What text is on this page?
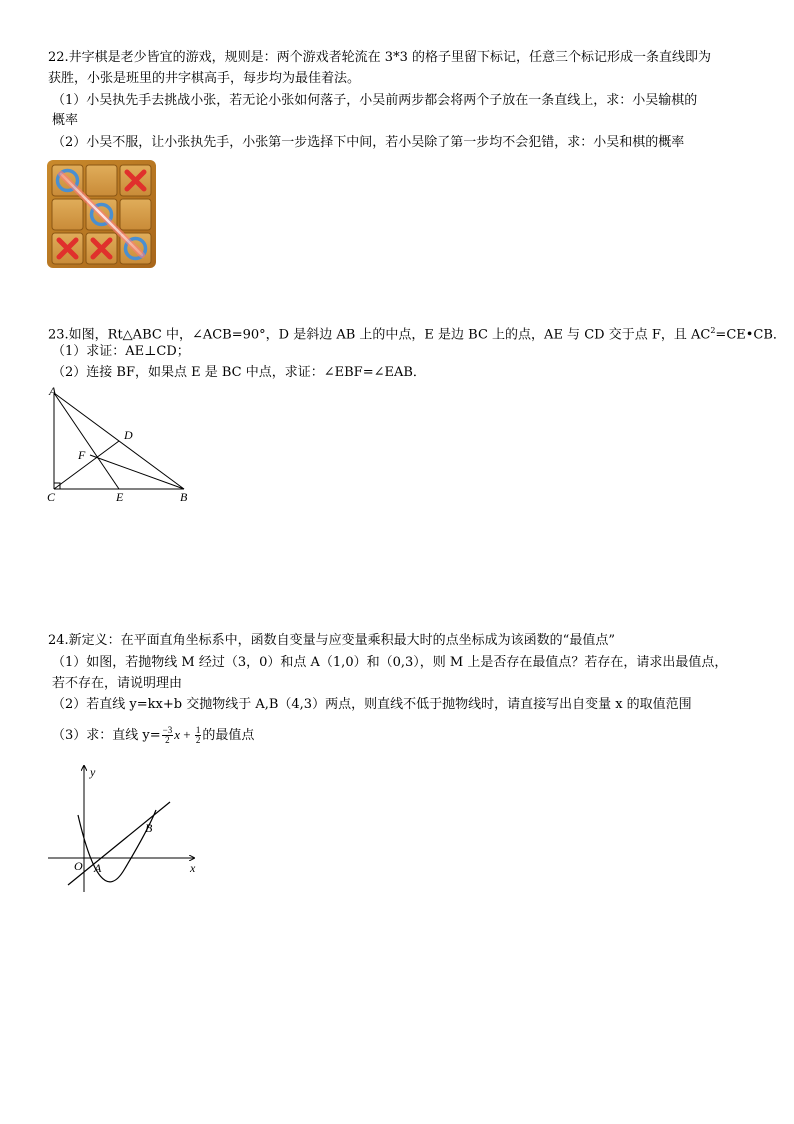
22.井字棋是老少皆宜的游戏，规则是：两个游戏者轮流在 3*3 的格子里留下标记，任意三个标记形成一条直线即为
获胜，小张是班里的井字棋高手，每步均为最佳着法。
（1）小吴执先手去挑战小张，若无论小张如何落子，小吴前两步都会将两个子放在一条直线上，求：小吴输棋的
概率
（2）小吴不服，让小张执先手，小张第一步选择下中间，若小吴除了第一步均不会犯错，求：小吴和棋的概率
23.如图，Rt△ABC 中，∠ACB=90°，D 是斜边 AB 上的中点，E 是边 BC 上的点，AE 与 CD 交于点 F，且 $AC^2=CE•CB$．
（1）求证：AE⊥CD；
（2）连接 BF，如果点 E 是 BC 中点，求证：∠EBF=∠EAB．
A
D
F
C	E	B
24.新定义：在平面直角坐标系中，函数自变量与应变量乘积最大时的点坐标成为该函数的“最值点”
（1）如图，若抛物线 M 经过（3，0）和点 A（1,0）和（0,3），则 M 上是否存在最值点？若存在，请求出最值点，
若不存在，请说明理由
（2）若直线 y=kx+b 交抛物线于 A,B（4,3）两点，则直线不低于抛物线时，请直接写出自变量 x 的取值范围
（3）求：直线 $y= \frac{-3}{2}$ $x + \frac{1}{2}$ 的最值点
y
x
O A
B
